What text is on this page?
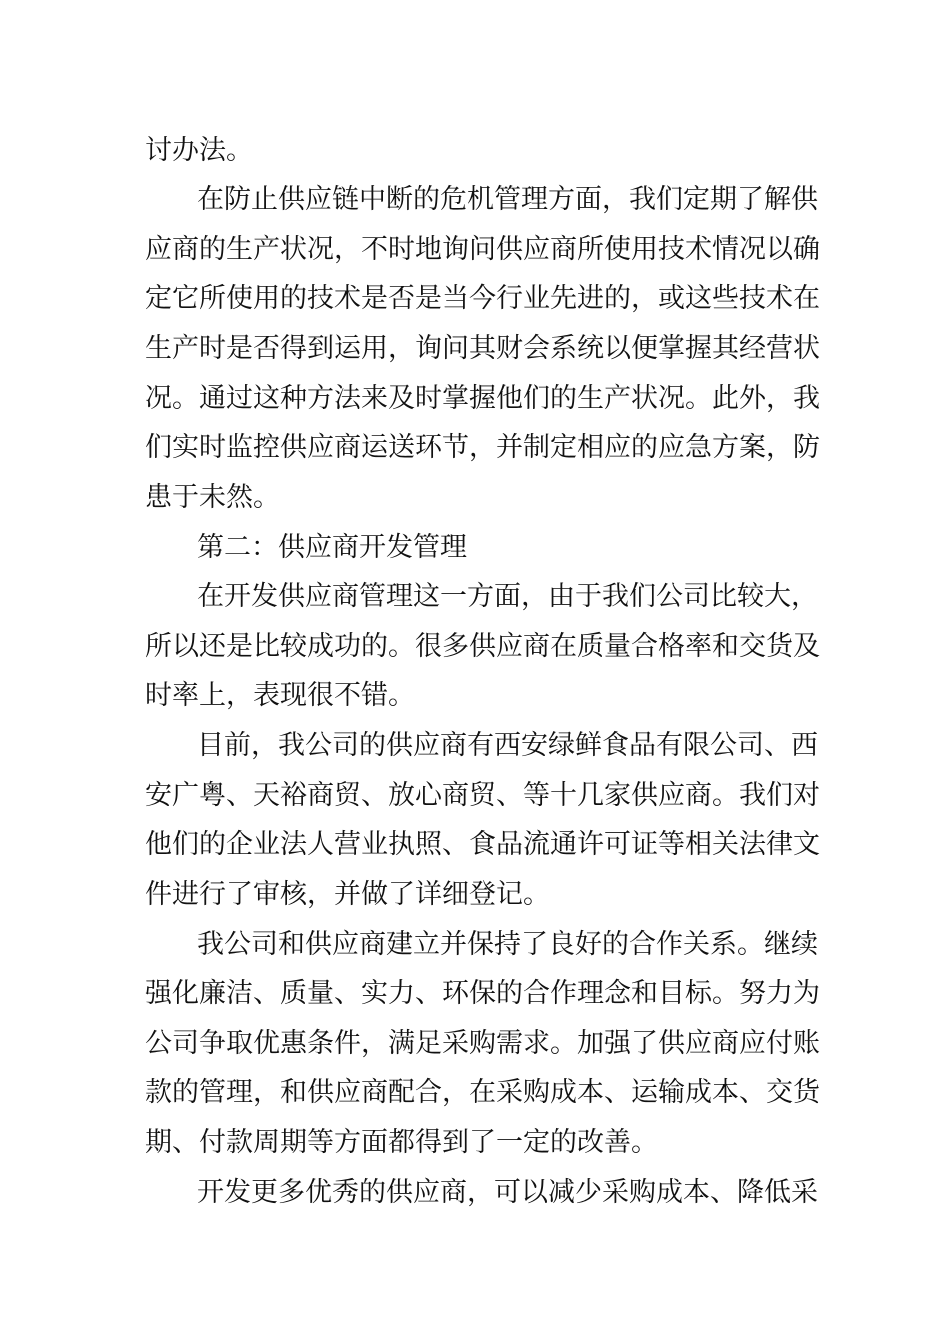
讨办法。
在防止供应链中断的危机管理方面，我们定期了解供
应商的生产状况，不时地询问供应商所使用技术情况以确
定它所使用的技术是否是当今行业先进的，或这些技术在
生产时是否得到运用，询问其财会系统以便掌握其经营状
况。通过这种方法来及时掌握他们的生产状况。此外，我
们实时监控供应商运送环节，并制定相应的应急方案，防
患于未然。
第二：供应商开发管理
在开发供应商管理这一方面，由于我们公司比较大，
所以还是比较成功的。很多供应商在质量合格率和交货及
时率上，表现很不错。
目前，我公司的供应商有西安绿鲜食品有限公司、西
安广粤、天裕商贸、放心商贸、等十几家供应商。我们对
他们的企业法人营业执照、食品流通许可证等相关法律文
件进行了审核，并做了详细登记。
我公司和供应商建立并保持了良好的合作关系。继续
强化廉洁、质量、实力、环保的合作理念和目标。努力为
公司争取优惠条件，满足采购需求。加强了供应商应付账
款的管理，和供应商配合，在采购成本、运输成本、交货
期、付款周期等方面都得到了一定的改善。
开发更多优秀的供应商，可以减少采购成本、降低采
